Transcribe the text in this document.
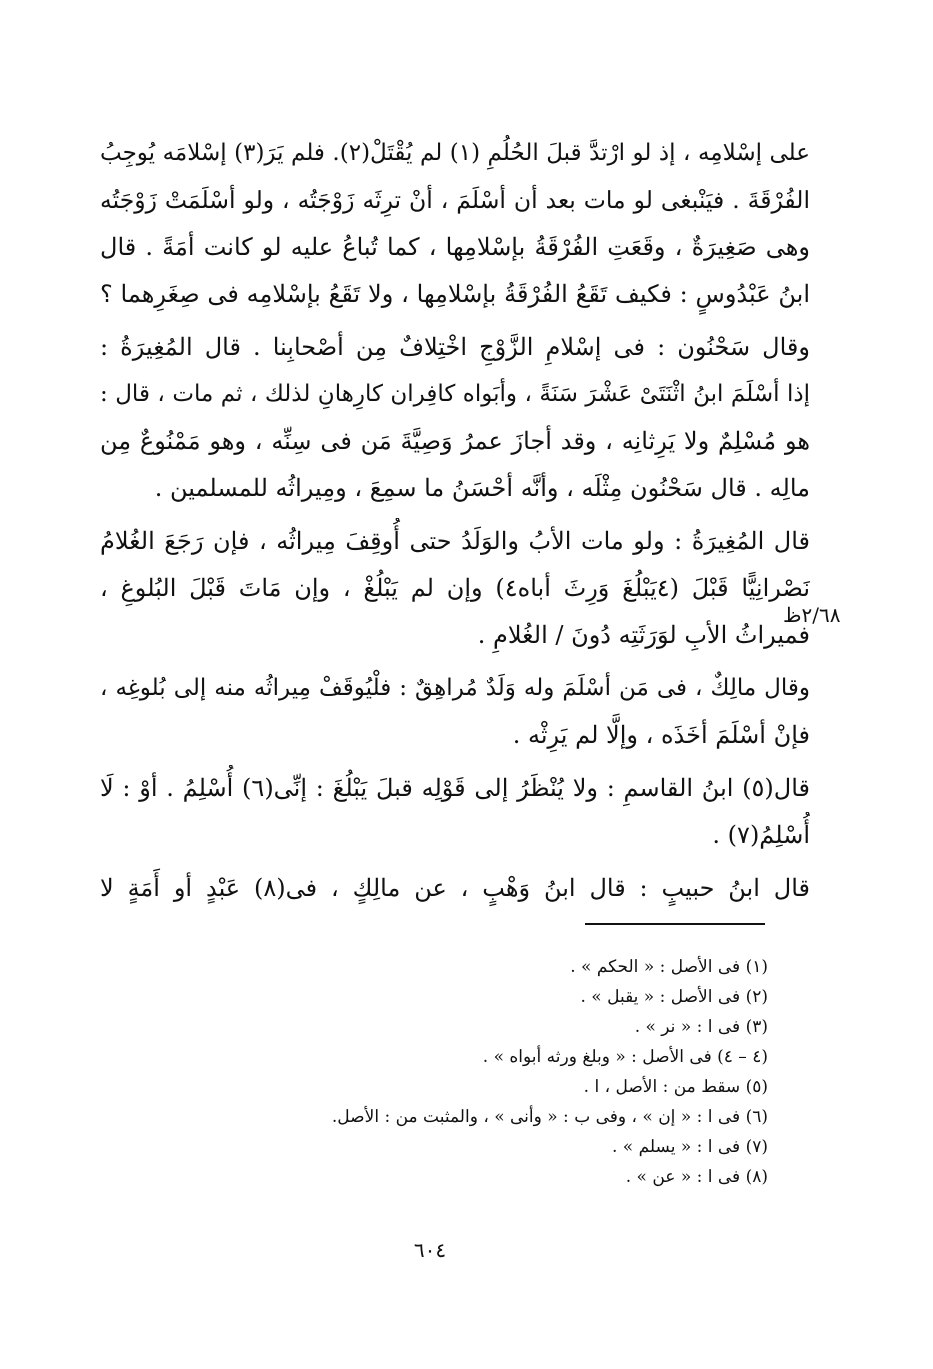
على إسْلامِه ، إذ لو ارْتدَّ قبلَ الحُلُمِ (١) لم يُقْتَلْ(٢). فلم يَرَ(٣) إسْلامَه يُوجِبُ
الفُرْقَةَ . فيَنْبغى لو مات بعد أن أسْلَمَ ، أنْ ترِثَه زَوْجَتُه ، ولو أسْلَمَتْ زَوْجَتُه
وهى صَغِيرَةٌ ، وقَعَتِ الفُرْقَةُ بإسْلامِها ، كما تُباعُ عليه لو كانت أمَةً . قال
ابنُ عَبْدُوسٍ : فكيف تَقَعُ الفُرْقَةُ بإسْلامِها ، ولا تَقَعُ بإسْلامِه فى صِغَرِهما ؟
وقال سَحْنُون : فى إسْلامِ الزَّوْجِ اخْتِلافٌ مِن أصْحابِنا . قال المُغِيرَةُ :
إذا أسْلَمَ ابنُ اثْنَتَىْ عَشْرَ سَنَةً ، وأبَواه كافِران كارِهانِ لذلك ، ثم مات ، قال :
هو مُسْلِمٌ ولا يَرِثانِه ، وقد أجازَ عمرُ وَصِيَّةَ مَن فى سِنِّه ، وهو مَمْنُوعٌ مِن
مالِه . قال سَحْنُون مِثْلَه ، وأنَّه أحْسَنُ ما سمِعَ ، ومِيراثُه للمسلمين .
قال المُغِيرَةُ : ولو مات الأبُ والوَلَدُ حتى أُوقِفَ مِيراثُه ، فإن رَجَعَ الغُلامُ
نَصْرانِيًّا قَبْلَ (٤يَبْلُغَ وَرِثَ أباه٤) وإن لم يَبْلُغْ ، وإن مَاتَ قَبْلَ البُلوغِ ،
فميراثُ الأبِ لوَرَثَتِه دُونَ / الغُلامِ .
وقال مالِكٌ ، فى مَن أسْلَمَ وله وَلَدٌ مُراهِقٌ : فلْيُوقَفْ مِيراثُه منه إلى بُلوغِه ،
فإنْ أسْلَمَ أخَذَه ، وإلَّا لم يَرِثْه .
قال(٥) ابنُ القاسمِ : ولا يُنْظَرُ إلى قَوْلِه قبلَ يَبْلُغَ : إنِّى(٦) أُسْلِمُ . أوْ : لَا
أُسْلِمُ(٧) .
قال ابنُ حبيبٍ : قال ابنُ وَهْبٍ ، عن مالِكٍ ، فى(٨) عَبْدٍ أو أَمَةٍ لا
٢/٦٨ظ
(١) فى الأصل : « الحكم » .
(٢) فى الأصل : « يقبل » .
(٣) فى ا : « نر » .
(٤ – ٤) فى الأصل : « وبلغ ورثه أبواه » .
(٥) سقط من : الأصل ، ا .
(٦) فى ا : « إن » ، وفى ب : « وأنى » ، والمثبت من : الأصل.
(٧) فى ا : « يسلم » .
(٨) فى ا : « عن » .
٦٠٤
